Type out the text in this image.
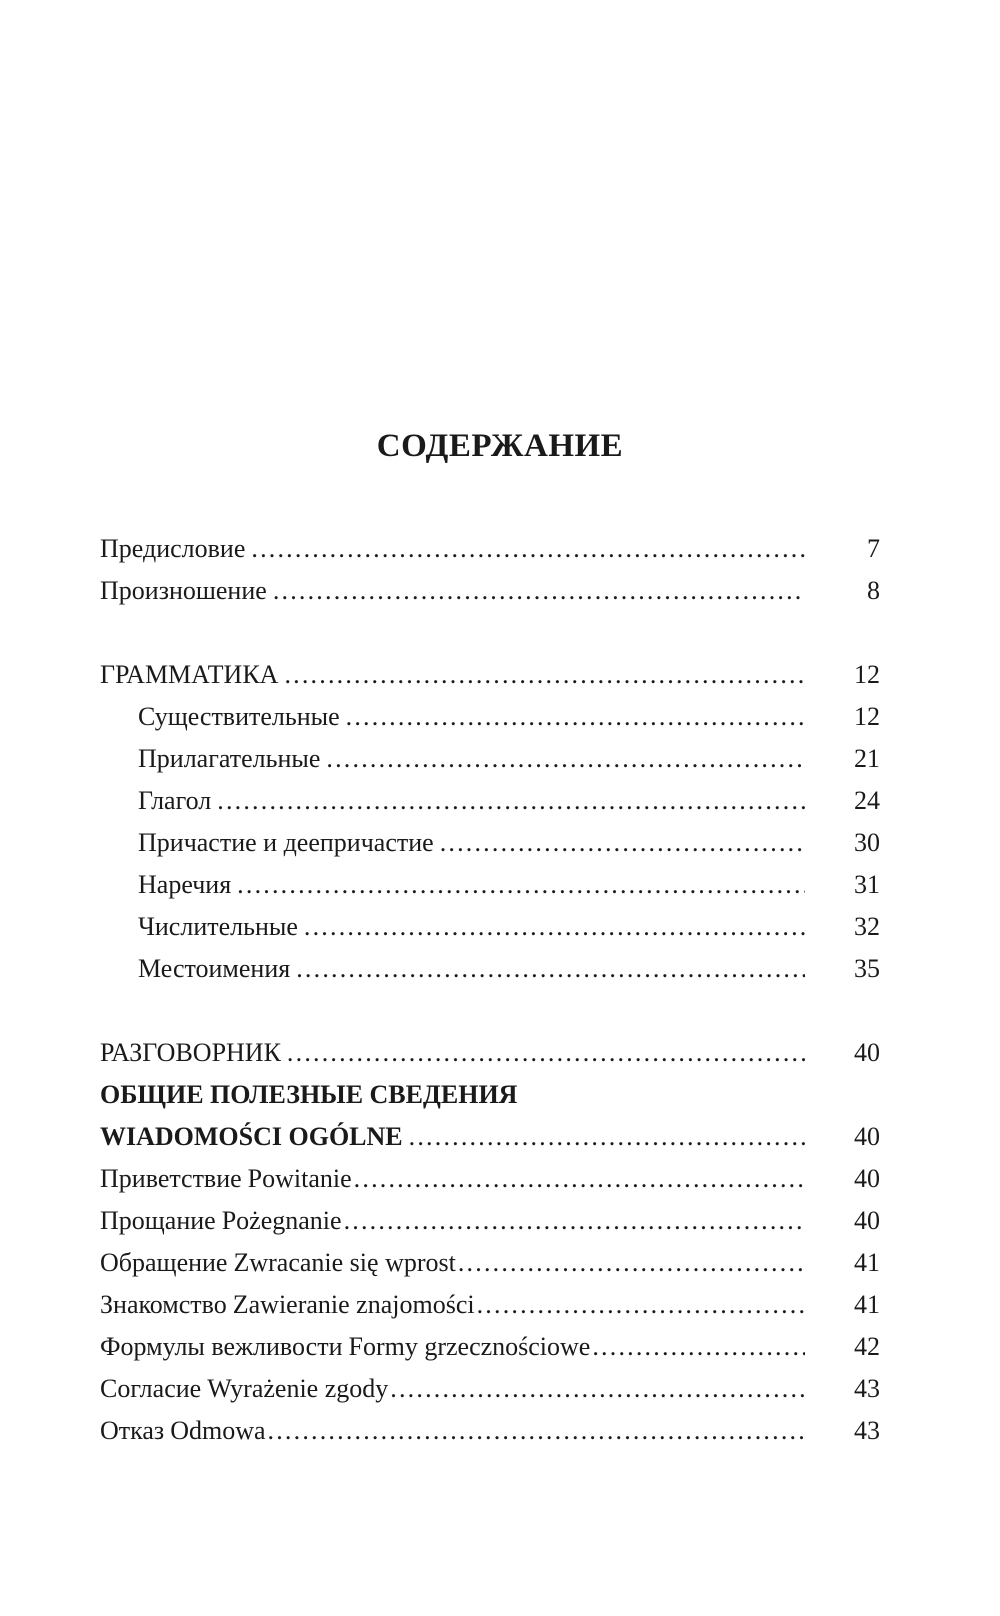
СОДЕРЖАНИЕ
Предисловие .....	7
Произношение .....	8
ГРАММАТИКА .....	12
Существительные .....	12
Прилагательные .....	21
Глагол .....	24
Причастие и деепричастие .....	30
Наречия .....	31
Числительные .....	32
Местоимения .....	35
РАЗГОВОРНИК .....	40
ОБЩИЕ ПОЛЕЗНЫЕ СВЕДЕНИЯ
WIADOMOŚCI OGÓLNE .....	40
Приветствие Powitanie .....	40
Прощание Pożegnanie .....	40
Обращение Zwracanie się wprost .....	41
Знакомство Zawieranie znajomości .....	41
Формулы вежливости Formy grzecznościowe .....	42
Согласие Wyrażenie zgody .....	43
Отказ Odmowa .....	43
